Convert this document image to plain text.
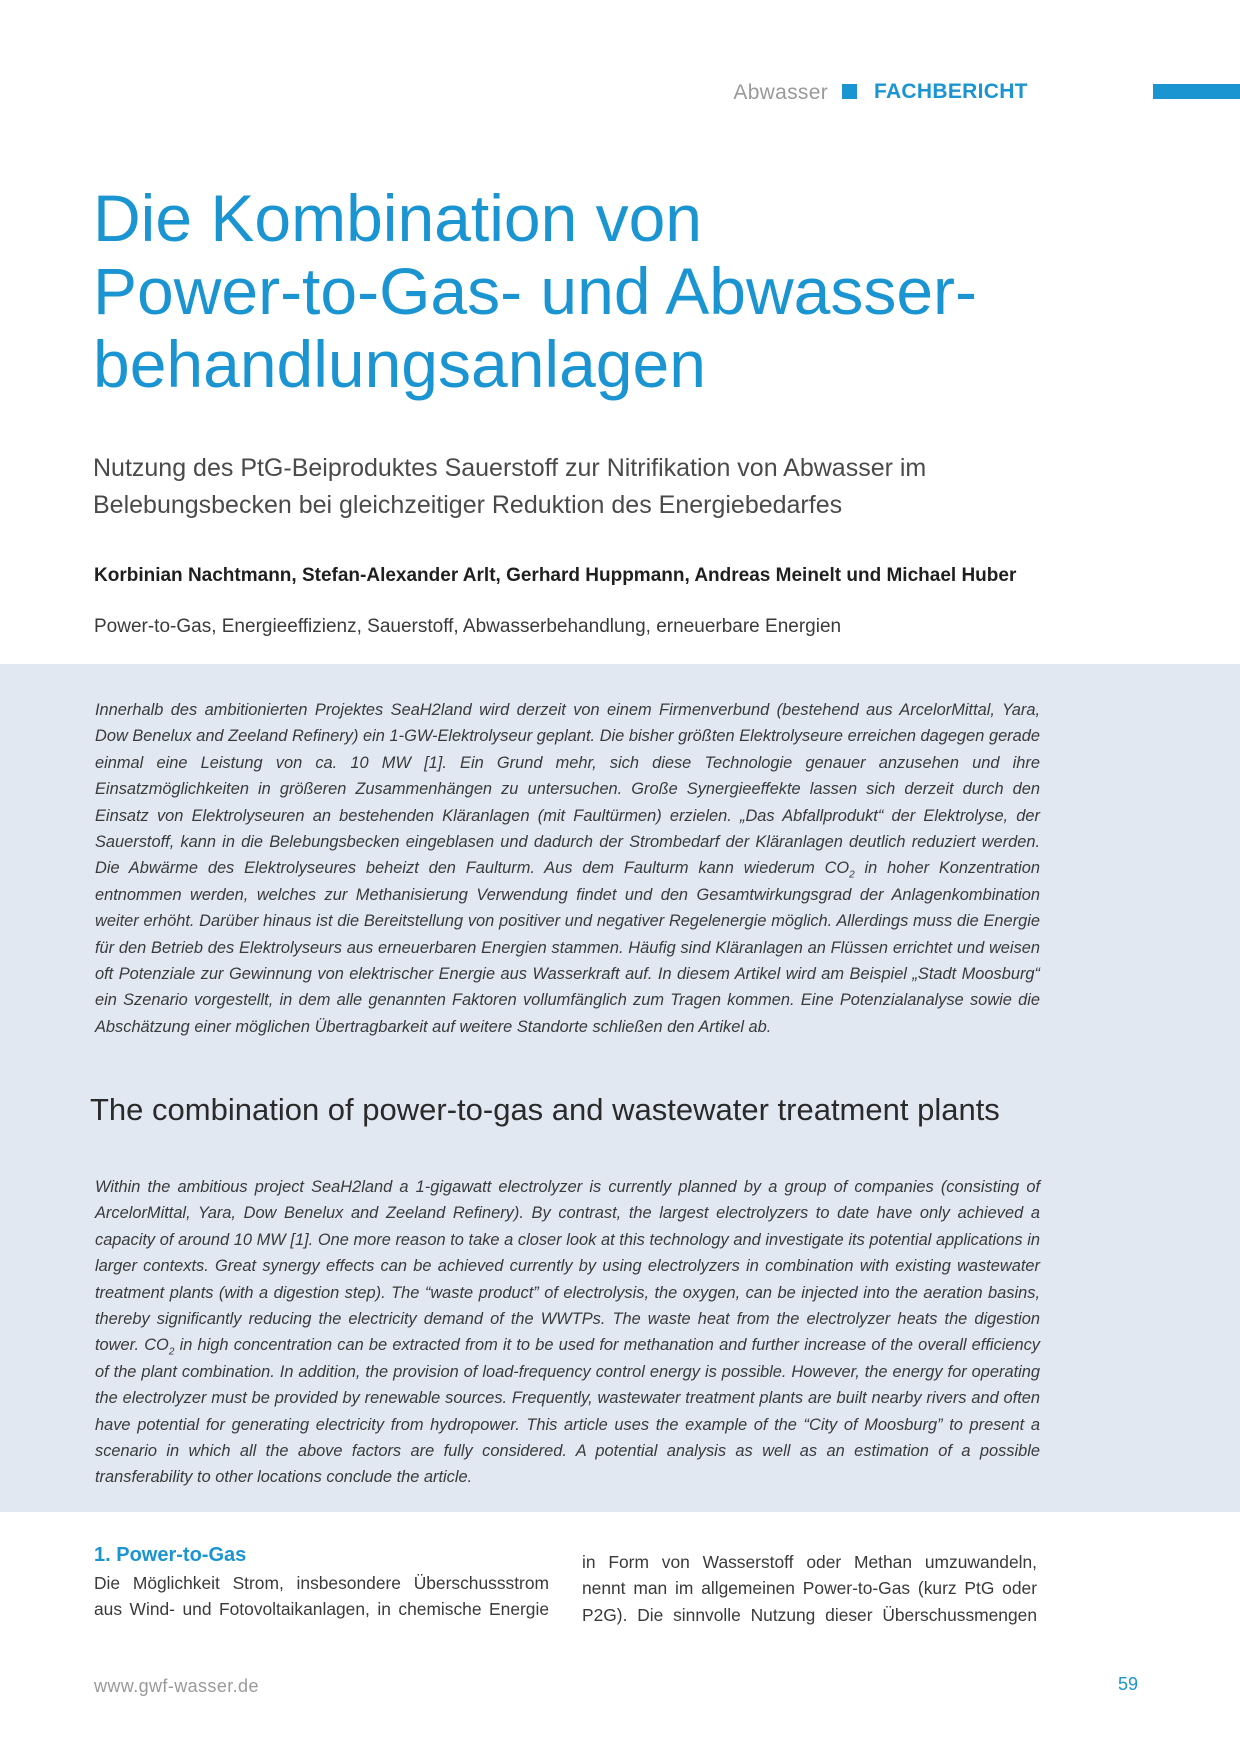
Abwasser FACHBERICHT
Die Kombination von
Power-to-Gas- und Abwasser-
behandlungsanlagen
Nutzung des PtG-Beiproduktes Sauerstoff zur Nitrifikation von Abwasser im
Belebungsbecken bei gleichzeitiger Reduktion des Energiebedarfes
Korbinian Nachtmann, Stefan-Alexander Arlt, Gerhard Huppmann, Andreas Meinelt und Michael Huber
Power-to-Gas, Energieeffizienz, Sauerstoff, Abwasserbehandlung, erneuerbare Energien

Innerhalb des ambitionierten Projektes SeaH2land wird derzeit von einem Firmenverbund (bestehend aus ArcelorMittal, Yara, Dow Benelux and Zeeland Refinery) ein 1-GW-Elektrolyseur geplant. Die bisher größten Elektrolyseure erreichen dagegen gerade einmal eine Leistung von ca. 10 MW [1]. Ein Grund mehr, sich diese Technologie genauer anzusehen und ihre Einsatzmöglichkeiten in größeren Zusammenhängen zu untersuchen. Große Synergieeffekte lassen sich derzeit durch den Einsatz von Elektrolyseuren an bestehenden Kläranlagen (mit Faultürmen) erzielen. „Das Abfallprodukt“ der Elektrolyse, der Sauerstoff, kann in die Belebungsbecken eingeblasen und dadurch der Strombedarf der Kläranlagen deutlich reduziert werden. Die Abwärme des Elektrolyseures beheizt den Faulturm. Aus dem Faulturm kann wiederum $CO_2$ in hoher Konzentration entnommen werden, welches zur Methanisierung Verwendung findet und den Gesamtwirkungsgrad der Anlagenkombination weiter erhöht. Darüber hinaus ist die Bereitstellung von positiver und negativer Regelenergie möglich. Allerdings muss die Energie für den Betrieb des Elektrolyseurs aus erneuerbaren Energien stammen. Häufig sind Kläranlagen an Flüssen errichtet und weisen oft Potenziale zur Gewinnung von elektrischer Energie aus Wasserkraft auf. In diesem Artikel wird am Beispiel „Stadt Moosburg“ ein Szenario vorgestellt, in dem alle genannten Faktoren vollumfänglich zum Tragen kommen. Eine Potenzialanalyse sowie die Abschätzung einer möglichen Übertragbarkeit auf weitere Standorte schließen den Artikel ab.

The combination of power-to-gas and wastewater treatment plants

Within the ambitious project SeaH2land a 1-gigawatt electrolyzer is currently planned by a group of companies (consisting of ArcelorMittal, Yara, Dow Benelux and Zeeland Refinery). By contrast, the largest electrolyzers to date have only achieved a capacity of around 10 MW [1]. One more reason to take a closer look at this technology and investigate its potential applications in larger contexts. Great synergy effects can be achieved currently by using electrolyzers in combination with existing wastewater treatment plants (with a digestion step). The “waste product” of electrolysis, the oxygen, can be injected into the aeration basins, thereby significantly reducing the electricity demand of the WWTPs. The waste heat from the electrolyzer heats the digestion tower. $CO_2$ in high concentration can be extracted from it to be used for methanation and further increase of the overall efficiency of the plant combination. In addition, the provision of load-frequency control energy is possible. However, the energy for operating the electrolyzer must be provided by renewable sources. Frequently, wastewater treatment plants are built nearby rivers and often have potential for generating electricity from hydropower. This article uses the example of the “City of Moosburg” to present a scenario in which all the above factors are fully considered. A potential analysis as well as an estimation of a possible transferability to other locations conclude the article.

1. Power-to-Gas

Die Möglichkeit Strom, insbesondere Überschussstrom aus Wind- und Fotovoltaikanlagen, in chemische Energie

in Form von Wasserstoff oder Methan umzuwandeln, nennt man im allgemeinen Power-to-Gas (kurz PtG oder P2G). Die sinnvolle Nutzung dieser Überschussmengen

www.gwf-wasser.de	59
